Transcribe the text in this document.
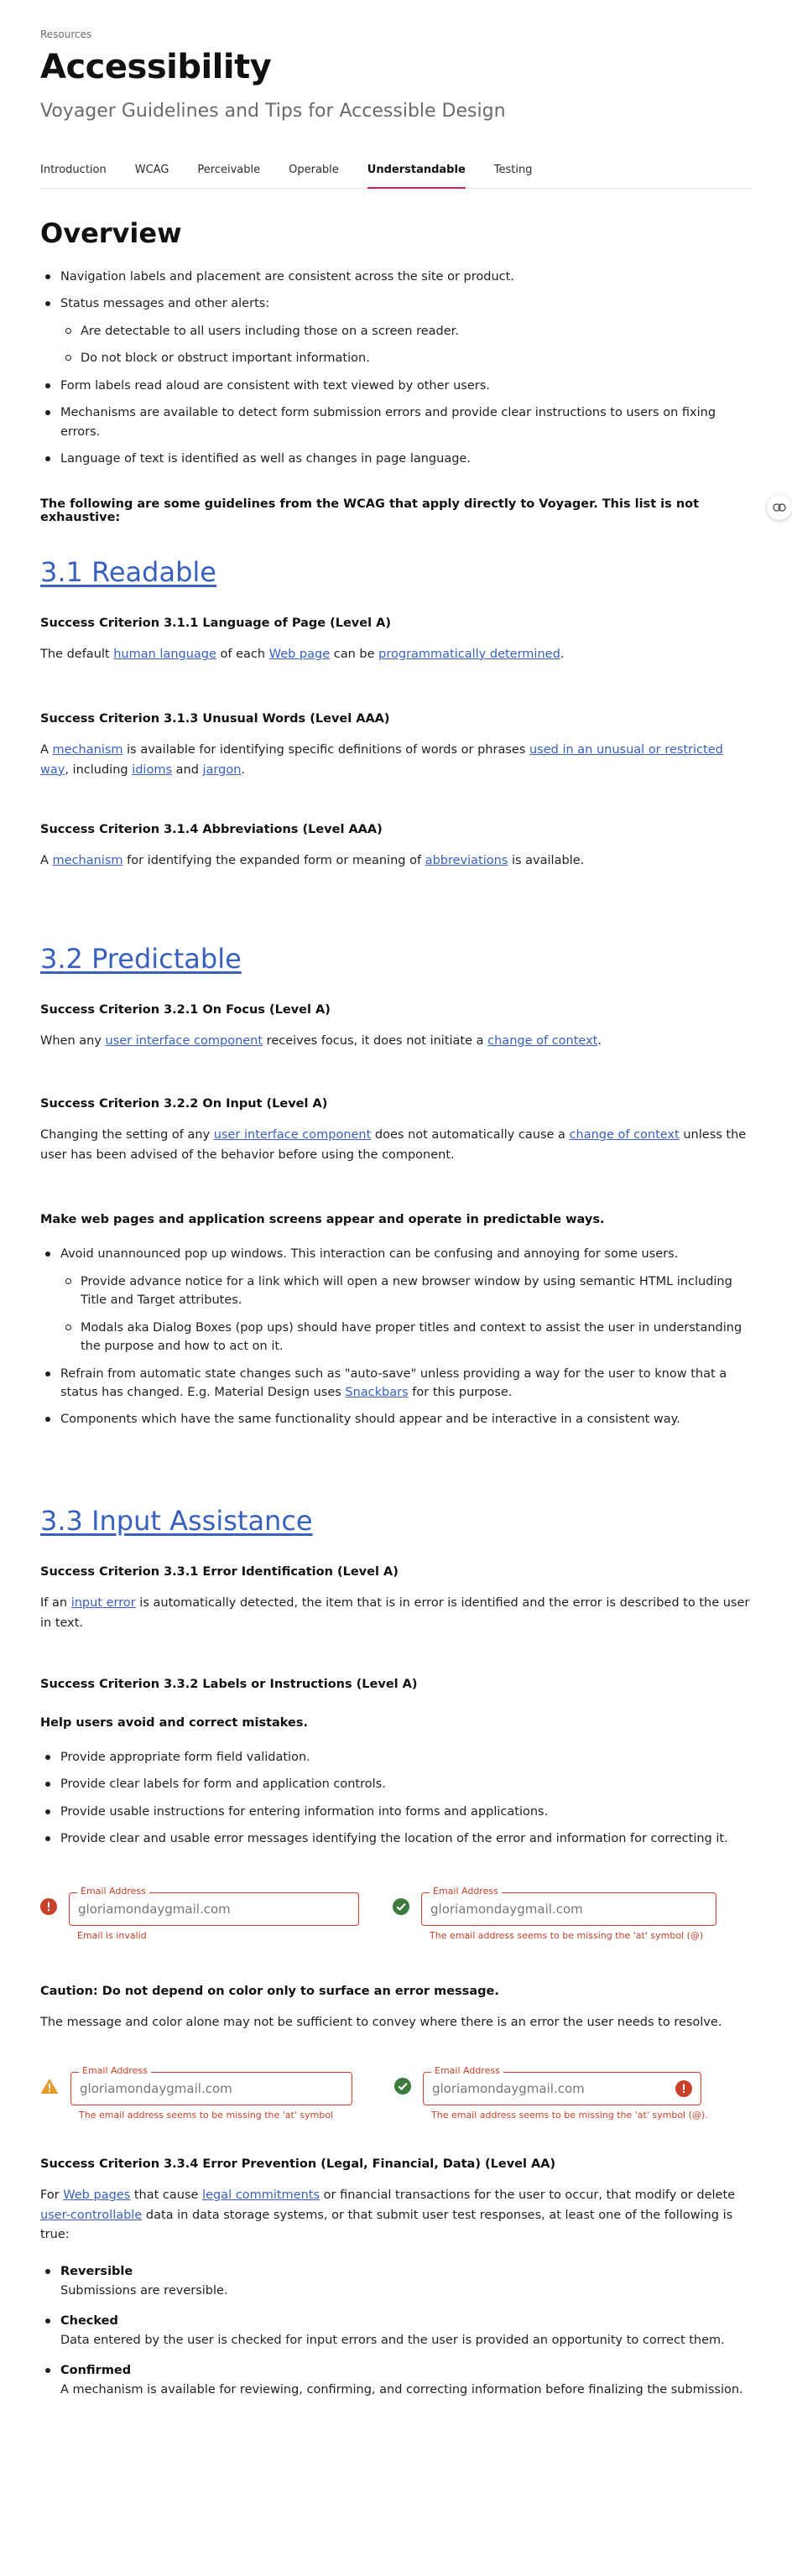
Resources
Accessibility
Voyager Guidelines and Tips for Accessible Design
Introduction	WCAG	Perceivable	Operable	Understandable	Testing
Overview
Navigation labels and placement are consistent across the site or product.
Status messages and other alerts:
Are detectable to all users including those on a screen reader.
Do not block or obstruct important information.
Form labels read aloud are consistent with text viewed by other users.
Mechanisms are available to detect form submission errors and provide clear instructions to users on fixing errors.
Language of text is identified as well as changes in page language.

The following are some guidelines from the WCAG that apply directly to Voyager. This list is not exhaustive:

3.1 Readable
Success Criterion 3.1.1 Language of Page (Level A)

The default human language of each Web page can be programmatically determined.

Success Criterion 3.1.3 Unusual Words (Level AAA)

A mechanism is available for identifying specific definitions of words or phrases used in an unusual or restricted way, including idioms and jargon.

Success Criterion 3.1.4 Abbreviations (Level AAA)

A mechanism for identifying the expanded form or meaning of abbreviations is available.

3.2 Predictable
Success Criterion 3.2.1 On Focus (Level A)

When any user interface component receives focus, it does not initiate a change of context.

Success Criterion 3.2.2 On Input (Level A)

Changing the setting of any user interface component does not automatically cause a change of context unless the user has been advised of the behavior before using the component.

Make web pages and application screens appear and operate in predictable ways.
Avoid unannounced pop up windows. This interaction can be confusing and annoying for some users.
Provide advance notice for a link which will open a new browser window by using semantic HTML including Title and Target attributes.
Modals aka Dialog Boxes (pop ups) should have proper titles and context to assist the user in understanding the purpose and how to act on it.
Refrain from automatic state changes such as "auto-save" unless providing a way for the user to know that a status has changed. E.g. Material Design uses Snackbars for this purpose.
Components which have the same functionality should appear and be interactive in a consistent way.
3.3 Input Assistance
Success Criterion 3.3.1 Error Identification (Level A)

If an input error is automatically detected, the item that is in error is identified and the error is described to the user in text.

Success Criterion 3.3.2 Labels or Instructions (Level A)
Help users avoid and correct mistakes.
Provide appropriate form field validation.
Provide clear labels for form and application controls.
Provide usable instructions for entering information into forms and applications.
Provide clear and usable error messages identifying the location of the error and information for correcting it.
gloriamondaygmail.com
Email Address
Email is invalid
gloriamondaygmail.com
Email Address
The email address seems to be missing the 'at' symbol (@)
Caution: Do not depend on color only to surface an error message.

The message and color alone may not be sufficient to convey where there is an error the user needs to resolve.

gloriamondaygmail.com
Email Address
The email address seems to be missing the 'at' symbol
gloriamondaygmail.com
Email Address
The email address seems to be missing the 'at' symbol (@).
Success Criterion 3.3.4 Error Prevention (Legal, Financial, Data) (Level AA)

For Web pages that cause legal commitments or financial transactions for the user to occur, that modify or delete user-controllable data in data storage systems, or that submit user test responses, at least one of the following is true:

Reversible
Submissions are reversible.
Checked
Data entered by the user is checked for input errors and the user is provided an opportunity to correct them.
Confirmed
A mechanism is available for reviewing, confirming, and correcting information before finalizing the submission.
